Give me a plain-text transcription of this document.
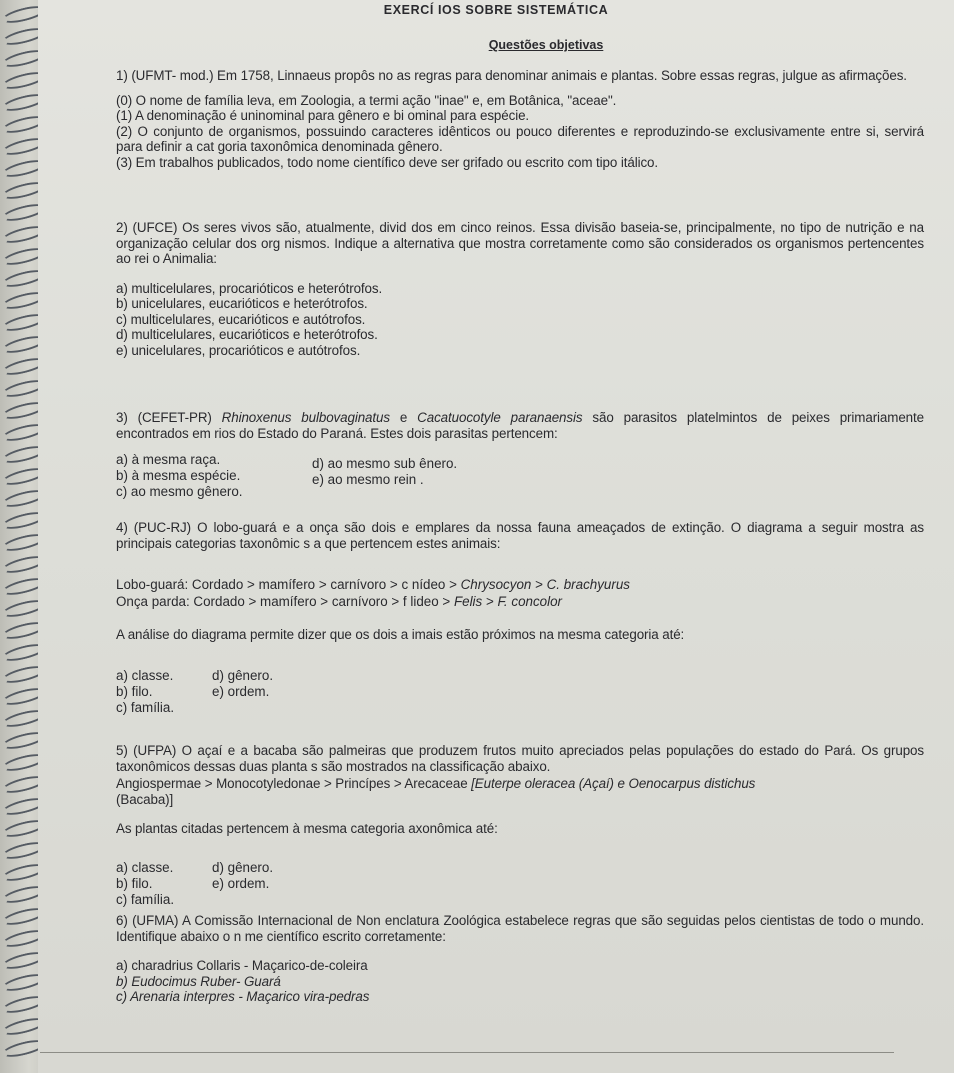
EXERCÍ IOS SOBRE SISTEMÁTICA
Questões objetivas

1) (UFMT- mod.) Em 1758, Linnaeus propôs no as regras para denominar animais e plantas. Sobre essas regras, julgue as afirmações.

(0) O nome de família leva, em Zoologia, a termi ação "inae" e, em Botânica, "aceae".

(1) A denominação é uninominal para gênero e bi ominal para espécie.

(2) O conjunto de organismos, possuindo caracteres idênticos ou pouco diferentes e reproduzindo-se exclusivamente entre si, servirá para definir a cat goria taxonômica denominada gênero.

(3) Em trabalhos publicados, todo nome científico deve ser grifado ou escrito com tipo itálico.

2) (UFCE) Os seres vivos são, atualmente, divid dos em cinco reinos. Essa divisão baseia-se, principalmente, no tipo de nutrição e na organização celular dos org nismos. Indique a alternativa que mostra corretamente como são considerados os organismos pertencentes ao rei o Animalia:

a) multicelulares, procarióticos e heterótrofos.

b) unicelulares, eucarióticos e heterótrofos.

c) multicelulares, eucarióticos e autótrofos.

d) multicelulares, eucarióticos e heterótrofos.

e) unicelulares, procarióticos e autótrofos.

3) (CEFET-PR) Rhinoxenus bulbovaginatus e Cacatuocotyle paranaensis são parasitos platelmintos de peixes primariamente encontrados em rios do Estado do Paraná. Estes dois parasitas pertencem:

a) à mesma raça.
b) à mesma espécie.
c) ao mesmo gênero.
d) ao mesmo sub ênero.
e) ao mesmo rein .

4) (PUC-RJ) O lobo-guará e a onça são dois e emplares da nossa fauna ameaçados de extinção. O diagrama a seguir mostra as principais categorias taxonômic s a que pertencem estes animais:

Lobo-guará: Cordado > mamífero > carnívoro > c nídeo > Chrysocyon > C. brachyurus
Onça parda: Cordado > mamífero > carnívoro > f lideo > Felis > F. concolor

A análise do diagrama permite dizer que os dois a imais estão próximos na mesma categoria até:

a) classe.
b) filo.
c) família.
d) gênero.
e) ordem.

5) (UFPA) O açaí e a bacaba são palmeiras que produzem frutos muito apreciados pelas populações do estado do Pará. Os grupos taxonômicos dessas duas planta s são mostrados na classificação abaixo.

Angiospermae > Monocotyledonae > Princípes > Arecaceae [Euterpe oleracea (Açaí) e Oenocarpus distichus

(Bacaba)]

As plantas citadas pertencem à mesma categoria axonômica até:

a) classe.
b) filo.
c) família.
d) gênero.
e) ordem.

6) (UFMA) A Comissão Internacional de Non enclatura Zoológica estabelece regras que são seguidas pelos cientistas de todo o mundo. Identifique abaixo o n me científico escrito corretamente:

a) charadrius Collaris - Maçarico-de-coleira

b) Eudocimus Ruber- Guará

c) Arenaria interpres - Maçarico vira-pedras
